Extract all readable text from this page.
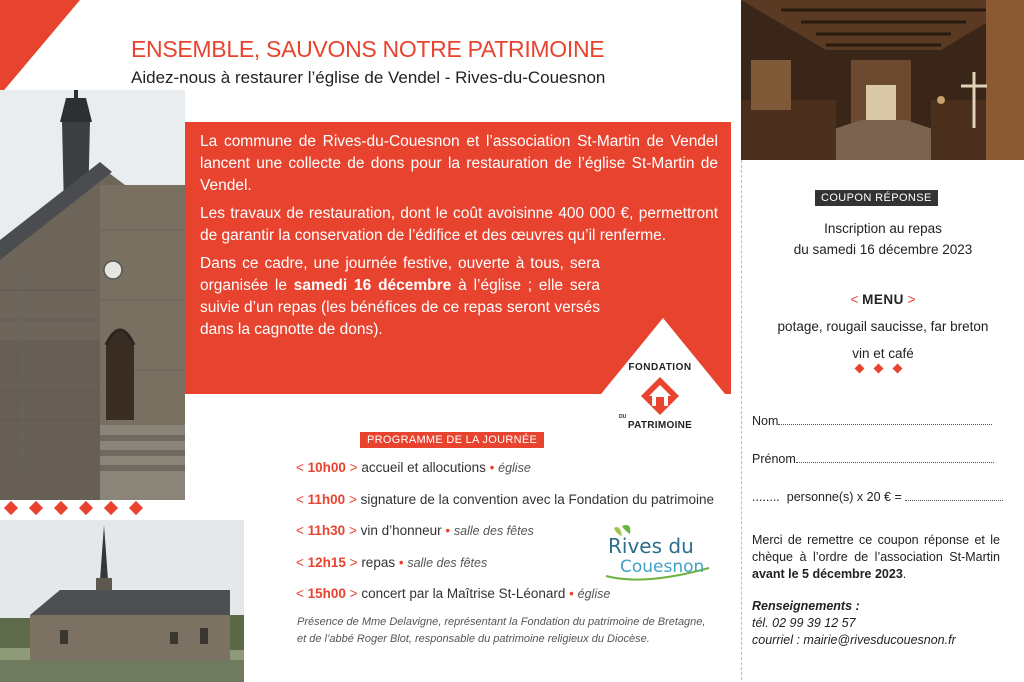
© Rives-du-Couesnon Com. communication - novembre 2023
ENSEMBLE, SAUVONS NOTRE PATRIMOINE
Aidez-nous à restaurer l’église de Vendel - Rives-du-Couesnon

La commune de Rives-du-Couesnon et l’association St-Martin de Vendel lancent une collecte de dons pour la restauration de l’église St-Martin de Vendel.

Les travaux de restauration, dont le coût avoisinne 400 000 €, permettront de garantir la conservation de l’édifice et des œuvres qu’il renferme.

Dans ce cadre, une journée festive, ouverte à tous, sera organisée le samedi 16 décembre à l’église ; elle sera suivie d’un repas (les bénéfices de ce repas seront versés dans la cagnotte de dons).

FONDATION
DU
PATRIMOINE
PROGRAMME DE LA JOURNÉE
< 10h00 > accueil et allocutions • église
< 11h00 > signature de la convention avec la Fondation du patrimoine
< 11h30 > vin d’honneur • salle des fêtes
< 12h15 > repas • salle des fêtes
< 15h00 > concert par la Maîtrise St-Léonard • église
Rives du
Couesnon

Présence de Mme Delavigne, représentant la Fondation du patrimoine de Bretagne,

et de l’abbé Roger Blot, responsable du patrimoine religieux du Diocèse.

COUPON RÉPONSE
Inscription au repas
du samedi 16 décembre 2023
< MENU >
potage, rougail saucisse, far breton
vin et café
Nom
Prénom
........ personne(s) x 20 € =
Merci de remettre ce coupon réponse et le chèque à l’ordre de l’association St-Martin avant le 5 décembre 2023.
Renseignements :
tél. 02 99 39 12 57
courriel : mairie@rivesducouesnon.fr
